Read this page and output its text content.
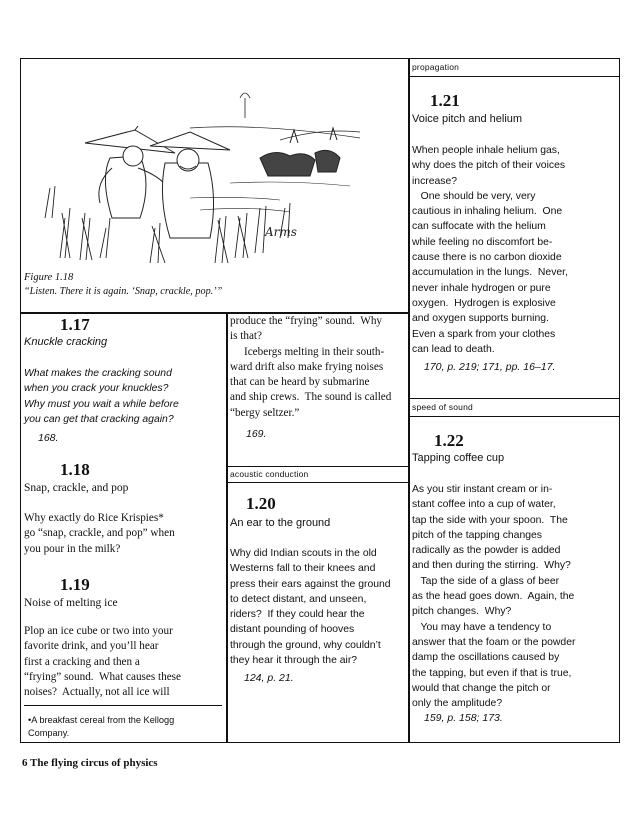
Arms
Figure 1.18
“Listen. There it is again. ‘Snap, crackle, pop.’”
1.17
Knuckle cracking
What makes the cracking sound
when you crack your knuckles?
Why must you wait a while before
you can get that cracking again?
168.
1.18
Snap, crackle, and pop
Why exactly do Rice Krispies*
go “snap, crackle, and pop” when
you pour in the milk?
1.19
Noise of melting ice
Plop an ice cube or two into your
favorite drink, and you’ll hear
first a cracking and then a
“frying” sound.  What causes these
noises?  Actually, not all ice will
•A breakfast cereal from the Kellogg
Company.
produce the “frying” sound.  Why
is that?
Icebergs melting in their south-
ward drift also make frying noises
that can be heard by submarine
and ship crews.  The sound is called
“bergy seltzer.”
169.
acoustic conduction
1.20
An ear to the ground
Why did Indian scouts in the old
Westerns fall to their knees and
press their ears against the ground
to detect distant, and unseen,
riders?  If they could hear the
distant pounding of hooves
through the ground, why couldn’t
they hear it through the air?
124, p. 21.
propagation
1.21
Voice pitch and helium
When people inhale helium gas,
why does the pitch of their voices
increase?
One should be very, very
cautious in inhaling helium.  One
can suffocate with the helium
while feeling no discomfort be-
cause there is no carbon dioxide
accumulation in the lungs.  Never,
never inhale hydrogen or pure
oxygen.  Hydrogen is explosive
and oxygen supports burning.
Even a spark from your clothes
can lead to death.
170, p. 219; 171, pp. 16–17.
speed of sound
1.22
Tapping coffee cup
As you stir instant cream or in-
stant coffee into a cup of water,
tap the side with your spoon.  The
pitch of the tapping changes
radically as the powder is added
and then during the stirring.  Why?
Tap the side of a glass of beer
as the head goes down.  Again, the
pitch changes.  Why?
You may have a tendency to
answer that the foam or the powder
damp the oscillations caused by
the tapping, but even if that is true,
would that change the pitch or
only the amplitude?
159, p. 158; 173.
6 The flying circus of physics
